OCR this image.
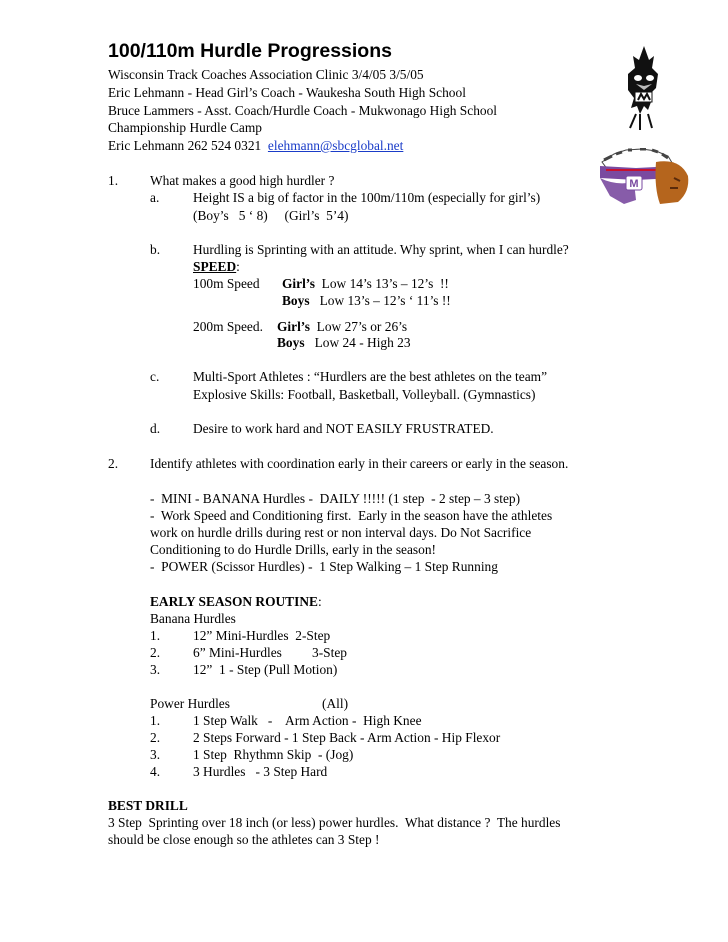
100/110m Hurdle Progressions
Wisconsin Track Coaches Association Clinic 3/4/05 3/5/05
Eric Lehmann - Head Girl’s Coach - Waukesha South High School
Bruce Lammers - Asst. Coach/Hurdle Coach - Mukwonago High School
Championship Hurdle Camp
Eric Lehmann 262 524 0321  elehmann@sbcglobal.net
M
1. What makes a good high hurdler ?
a.	Height IS a big of factor in the 100m/110m (especially for girl’s)
(Boy’s   5 ‘ 8)     (Girl’s  5’4)
b. Hurdling is Sprinting with an attitude. Why sprint, when I can hurdle?
SPEED:
100m Speed Girl’s  Low 14’s 13’s – 12’s  !!
Boys   Low 13’s – 12’s ‘ 11’s !!
200m Speed. Girl’s  Low 27’s or 26’s
Boys   Low 24 - High 23
c.	Multi-Sport Athletes : “Hurdlers are the best athletes on the team”
Explosive Skills: Football, Basketball, Volleyball. (Gymnastics)
d. Desire to work hard and NOT EASILY FRUSTRATED.
2. Identify athletes with coordination early in their careers or early in the season.
-  MINI - BANANA Hurdles -  DAILY !!!!! (1 step  - 2 step – 3 step)
-  Work Speed and Conditioning first.  Early in the season have the athletes
work on hurdle drills during rest or non interval days. Do Not Sacrifice
Conditioning to do Hurdle Drills, early in the season!
-  POWER (Scissor Hurdles) -  1 Step Walking – 1 Step Running
EARLY SEASON ROUTINE:
Banana Hurdles
1. 12” Mini-Hurdles  2-Step
2. 6” Mini-Hurdles         3-Step
3. 12”  1 - Step (Pull Motion)
Power Hurdles	(All)
1. 1 Step Walk   -    Arm Action -  High Knee
2. 2 Steps Forward - 1 Step Back - Arm Action - Hip Flexor
3. 1 Step  Rhythmn Skip  - (Jog)
4. 3 Hurdles   - 3 Step Hard
BEST DRILL
3 Step  Sprinting over 18 inch (or less) power hurdles.  What distance ?  The hurdles
should be close enough so the athletes can 3 Step !
